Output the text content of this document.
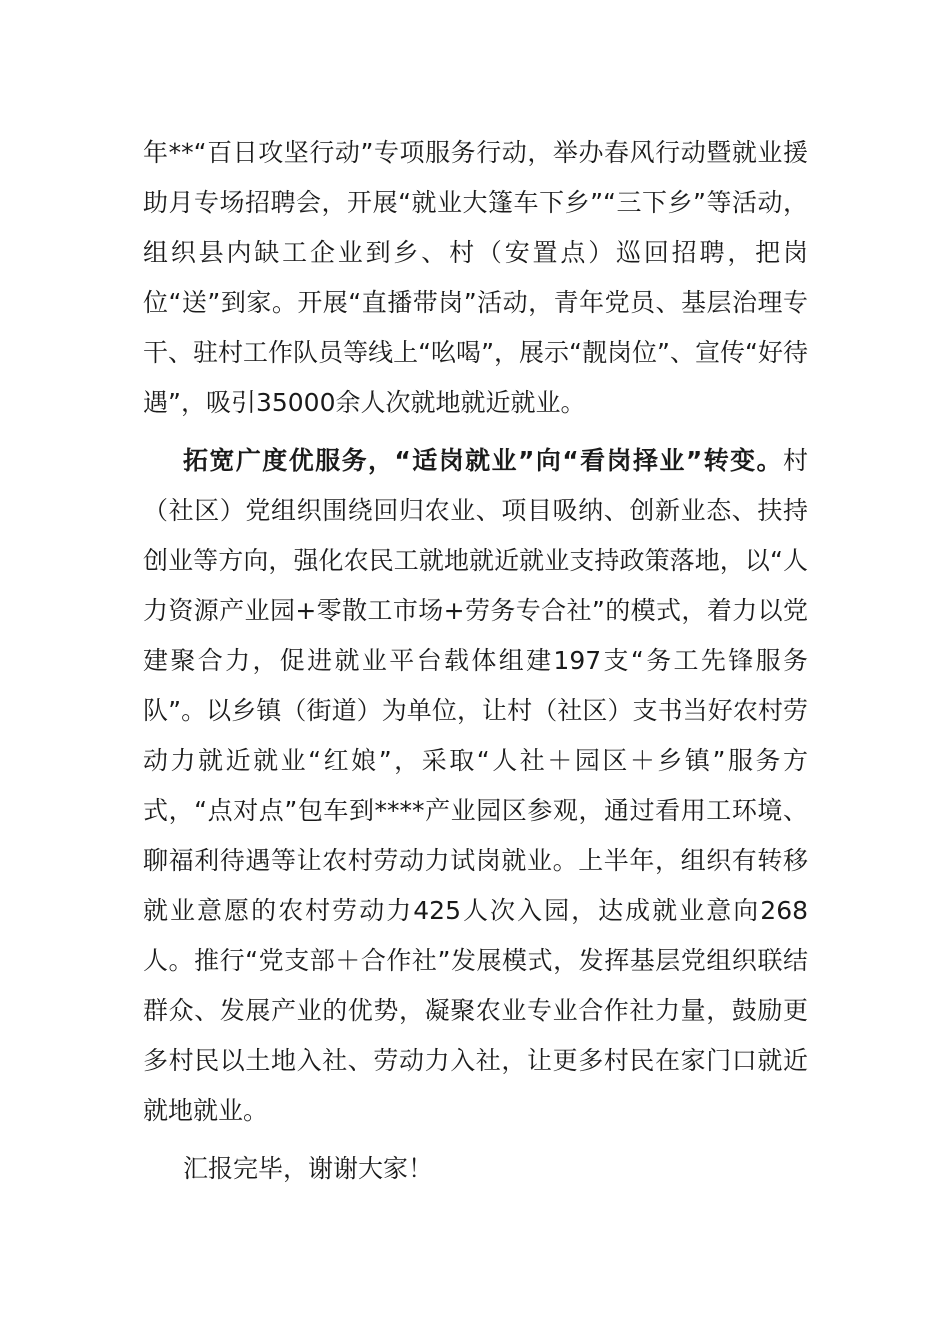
年**“百日攻坚行动”专项服务行动，举办春风行动暨就业援助月专场招聘会，开展“就业大篷车下乡”“三下乡”等活动，组织县内缺工企业到乡、村（安置点）巡回招聘，把岗位“送”到家。开展“直播带岗”活动，青年党员、基层治理专干、驻村工作队员等线上“吆喝”，展示“靓岗位”、宣传“好待遇”，吸引35000余人次就地就近就业。

拓宽广度优服务，“适岗就业”向“看岗择业”转变。村（社区）党组织围绕回归农业、项目吸纳、创新业态、扶持创业等方向，强化农民工就地就近就业支持政策落地，以“人力资源产业园+零散工市场+劳务专合社”的模式，着力以党建聚合力，促进就业平台载体组建197支“务工先锋服务队”。以乡镇（街道）为单位，让村（社区）支书当好农村劳动力就近就业“红娘”，采取“人社＋园区＋乡镇”服务方式，“点对点”包车到****产业园区参观，通过看用工环境、聊福利待遇等让农村劳动力试岗就业。上半年，组织有转移就业意愿的农村劳动力425人次入园，达成就业意向268人。推行“党支部＋合作社”发展模式，发挥基层党组织联结群众、发展产业的优势，凝聚农业专业合作社力量，鼓励更多村民以土地入社、劳动力入社，让更多村民在家门口就近就地就业。

汇报完毕，谢谢大家！
